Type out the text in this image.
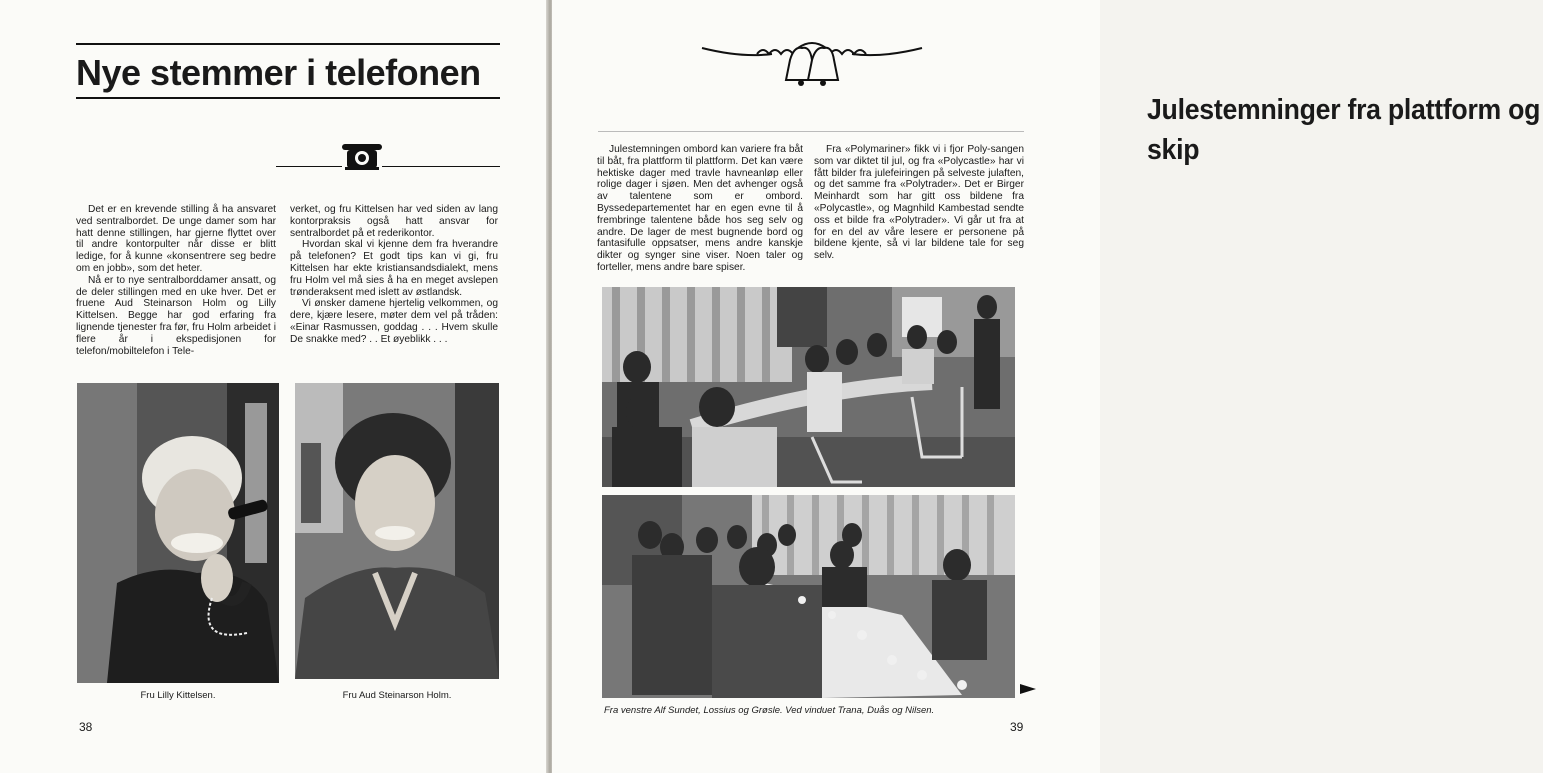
Nye stemmer i telefonen

Det er en krevende stilling å ha ansvaret ved sentralbordet. De unge damer som har hatt denne stillingen, har gjerne flyttet over til andre kontorpulter når disse er blitt ledige, for å kunne «konsentrere seg bedre om en jobb», som det heter.

Nå er to nye sentralborddamer ansatt, og de deler stillingen med en uke hver. Det er fruene Aud Steinarson Holm og Lilly Kittelsen. Begge har god erfaring fra lignende tjenester fra før, fru Holm arbeidet i flere år i ekspedisjonen for telefon/mobiltelefon i Tele-

verket, og fru Kittelsen har ved siden av lang kontorpraksis også hatt ansvar for sentralbordet på et rederikontor.

Hvordan skal vi kjenne dem fra hverandre på telefonen? Et godt tips kan vi gi, fru Kittelsen har ekte kristiansandsdialekt, mens fru Holm vel må sies å ha en meget avslepen trønderaksent med islett av østlandsk.

Vi ønsker damene hjertelig velkommen, og dere, kjære lesere, møter dem vel på tråden: «Einar Rasmussen, goddag . . . Hvem skulle De snakke med? . . Et øyeblikk . . .

Fru Lilly Kittelsen.	Fru Aud Steinarson Holm.
38
Julestemninger fra plattform og skip
Julestemningen ombord kan variere fra båt til båt, fra plattform til plattform. Det kan være hektiske dager med travle havneanløp eller rolige dager i sjøen. Men det avhenger også av talentene som er ombord. Byssedepartementet har en egen evne til å frembringe talentene både hos seg selv og andre. De lager de mest bugnende bord og fantasifulle oppsatser, mens andre kanskje dikter og synger sine viser. Noen taler og forteller, mens andre bare spiser.
Fra «Polymariner» fikk vi i fjor Poly-sangen som var diktet til jul, og fra «Polycastle» har vi fått bilder fra julefeiringen på selveste julaften, og det samme fra «Polytrader». Det er Birger Meinhardt som har gitt oss bildene fra «Polycastle», og Magnhild Kambestad sendte oss et bilde fra «Polytrader». Vi går ut fra at for en del av våre lesere er personene på bildene kjente, så vi lar bildene tale for seg selv.
Fra venstre Alf Sundet, Lossius og Grøsle. Ved vinduet Trana, Duås og Nilsen.
39
